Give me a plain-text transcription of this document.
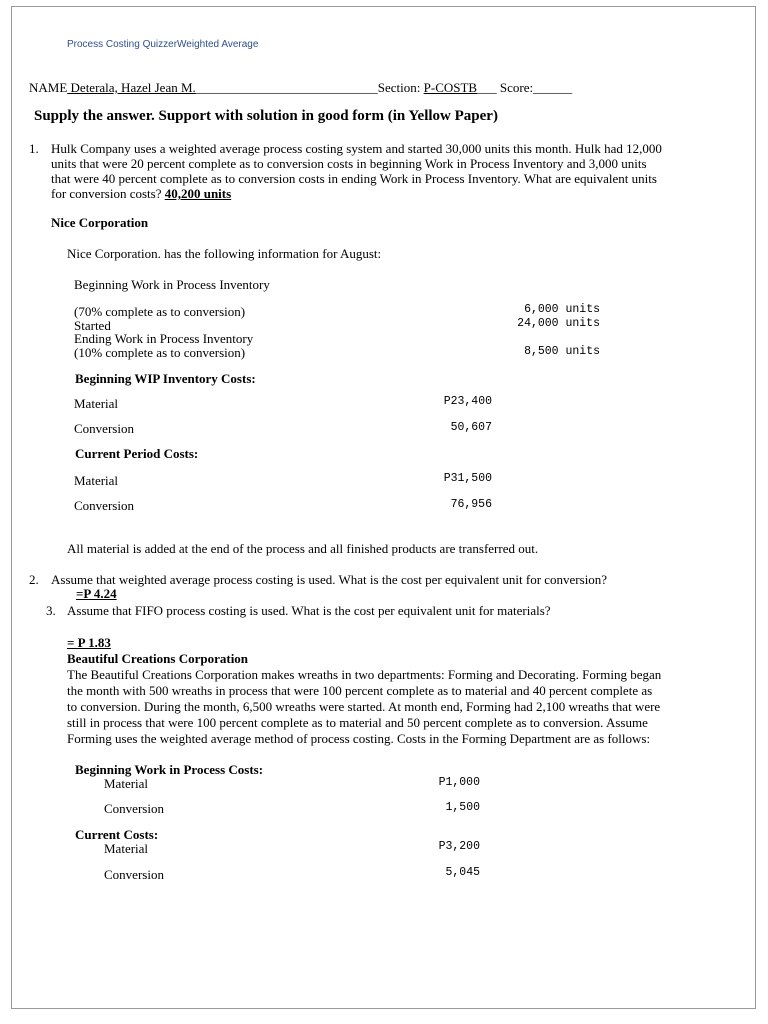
Process Costing QuizzerWeighted Average
NAME Deterala, Hazel Jean M.____________________________Section: P-COSTB___ Score:______
Supply the answer. Support with solution in good form (in Yellow Paper)
1. Hulk Company uses a weighted average process costing system and started 30,000 units this month. Hulk had 12,000
units that were 20 percent complete as to conversion costs in beginning Work in Process Inventory and 3,000 units
that were 40 percent complete as to conversion costs in ending Work in Process Inventory. What are equivalent units
for conversion costs? 40,200 units
Nice Corporation
Nice Corporation. has the following information for August:
Beginning Work in Process Inventory
(70% complete as to conversion)	6,000 units
Started	24,000 units
Ending Work in Process Inventory
(10% complete as to conversion)	8,500 units
Beginning WIP Inventory Costs:
Material	P23,400
Conversion	50,607
Current Period Costs:
Material	P31,500
Conversion	76,956
All material is added at the end of the process and all finished products are transferred out.
2. Assume that weighted average process costing is used. What is the cost per equivalent unit for conversion?
=P 4.24
3. Assume that FIFO process costing is used. What is the cost per equivalent unit for materials?
= P 1.83
Beautiful Creations Corporation
The Beautiful Creations Corporation makes wreaths in two departments: Forming and Decorating. Forming began
the month with 500 wreaths in process that were 100 percent complete as to material and 40 percent complete as
to conversion. During the month, 6,500 wreaths were started. At month end, Forming had 2,100 wreaths that were
still in process that were 100 percent complete as to material and 50 percent complete as to conversion. Assume
Forming uses the weighted average method of process costing. Costs in the Forming Department are as follows:
Beginning Work in Process Costs:
Material	P1,000
Conversion	1,500
Current Costs:
Material	P3,200
Conversion	5,045
